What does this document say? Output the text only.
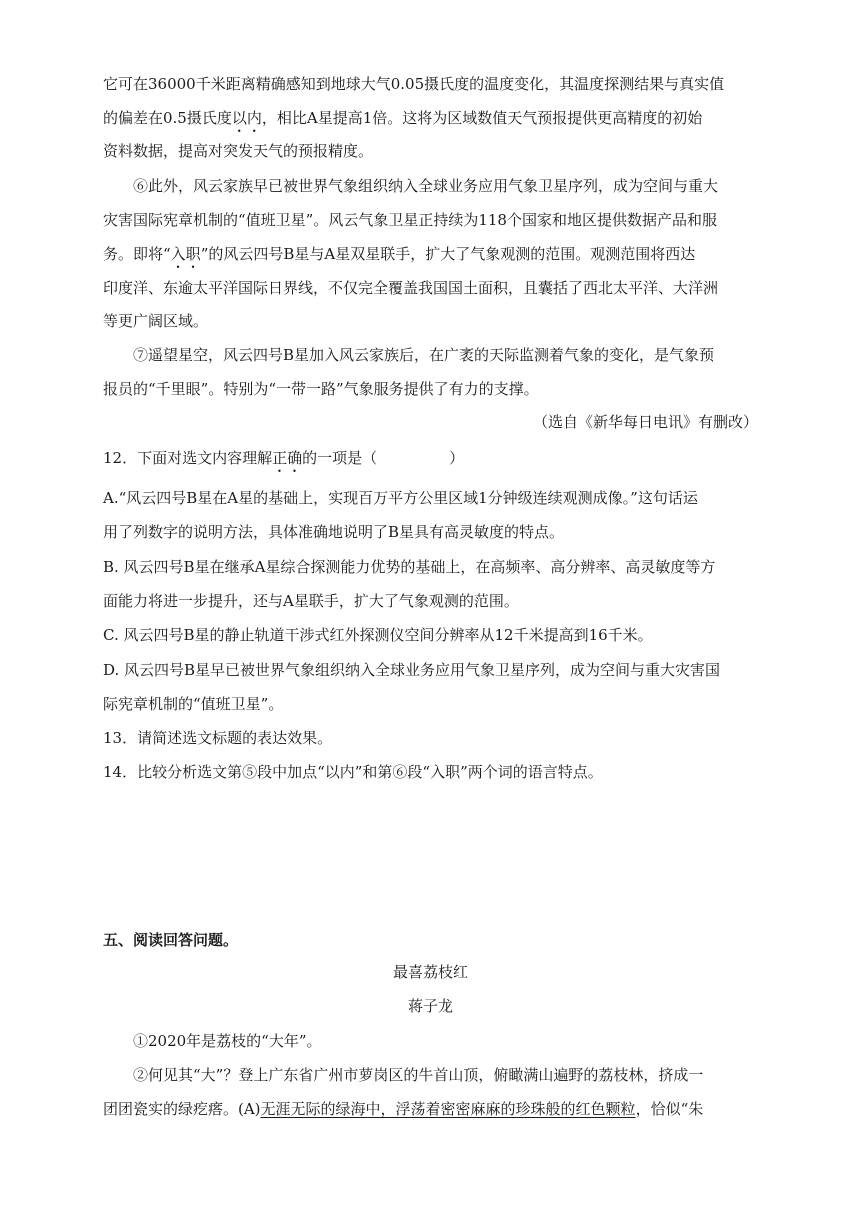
它可在36000千米距离精确感知到地球大气0.05摄氏度的温度变化，其温度探测结果与真实值
的偏差在0.5摄氏度以内，相比A星提高1倍。这将为区域数值天气预报提供更高精度的初始
资料数据，提高对突发天气的预报精度。
⑥此外，风云家族早已被世界气象组织纳入全球业务应用气象卫星序列，成为空间与重大
灾害国际宪章机制的“值班卫星”。风云气象卫星正持续为118个国家和地区提供数据产品和服
务。即将“入职”的风云四号B星与A星双星联手，扩大了气象观测的范围。观测范围将西达
印度洋、东逾太平洋国际日界线，不仅完全覆盖我国国土面积，且囊括了西北太平洋、大洋洲
等更广阔区域。
⑦遥望星空，风云四号B星加入风云家族后，在广袤的天际监测着气象的变化，是气象预
报员的“千里眼”。特别为“一带一路”气象服务提供了有力的支撑。
（选自《新华每日电讯》有删改）
12．下面对选文内容理解正确的一项是（	）
A.“风云四号B星在A星的基础上，实现百万平方公里区域1分钟级连续观测成像。”这句话运
用了列数字的说明方法，具体准确地说明了B星具有高灵敏度的特点。
B. 风云四号B星在继承A星综合探测能力优势的基础上，在高频率、高分辨率、高灵敏度等方
面能力将进一步提升，还与A星联手，扩大了气象观测的范围。
C. 风云四号B星的静止轨道干涉式红外探测仪空间分辨率从12千米提高到16千米。
D. 风云四号B星早已被世界气象组织纳入全球业务应用气象卫星序列，成为空间与重大灾害国
际宪章机制的“值班卫星”。
13．请简述选文标题的表达效果。
14．比较分析选文第⑤段中加点“以内”和第⑥段“入职”两个词的语言特点。
五、阅读回答问题。
最喜荔枝红
蒋子龙
①2020年是荔枝的“大年”。
②何见其“大”？登上广东省广州市萝岗区的牛首山顶，俯瞰满山遍野的荔枝林，挤成一
团团瓷实的绿疙瘩。(A)无涯无际的绿海中，浮荡着密密麻麻的珍珠般的红色颗粒，恰似“朱
